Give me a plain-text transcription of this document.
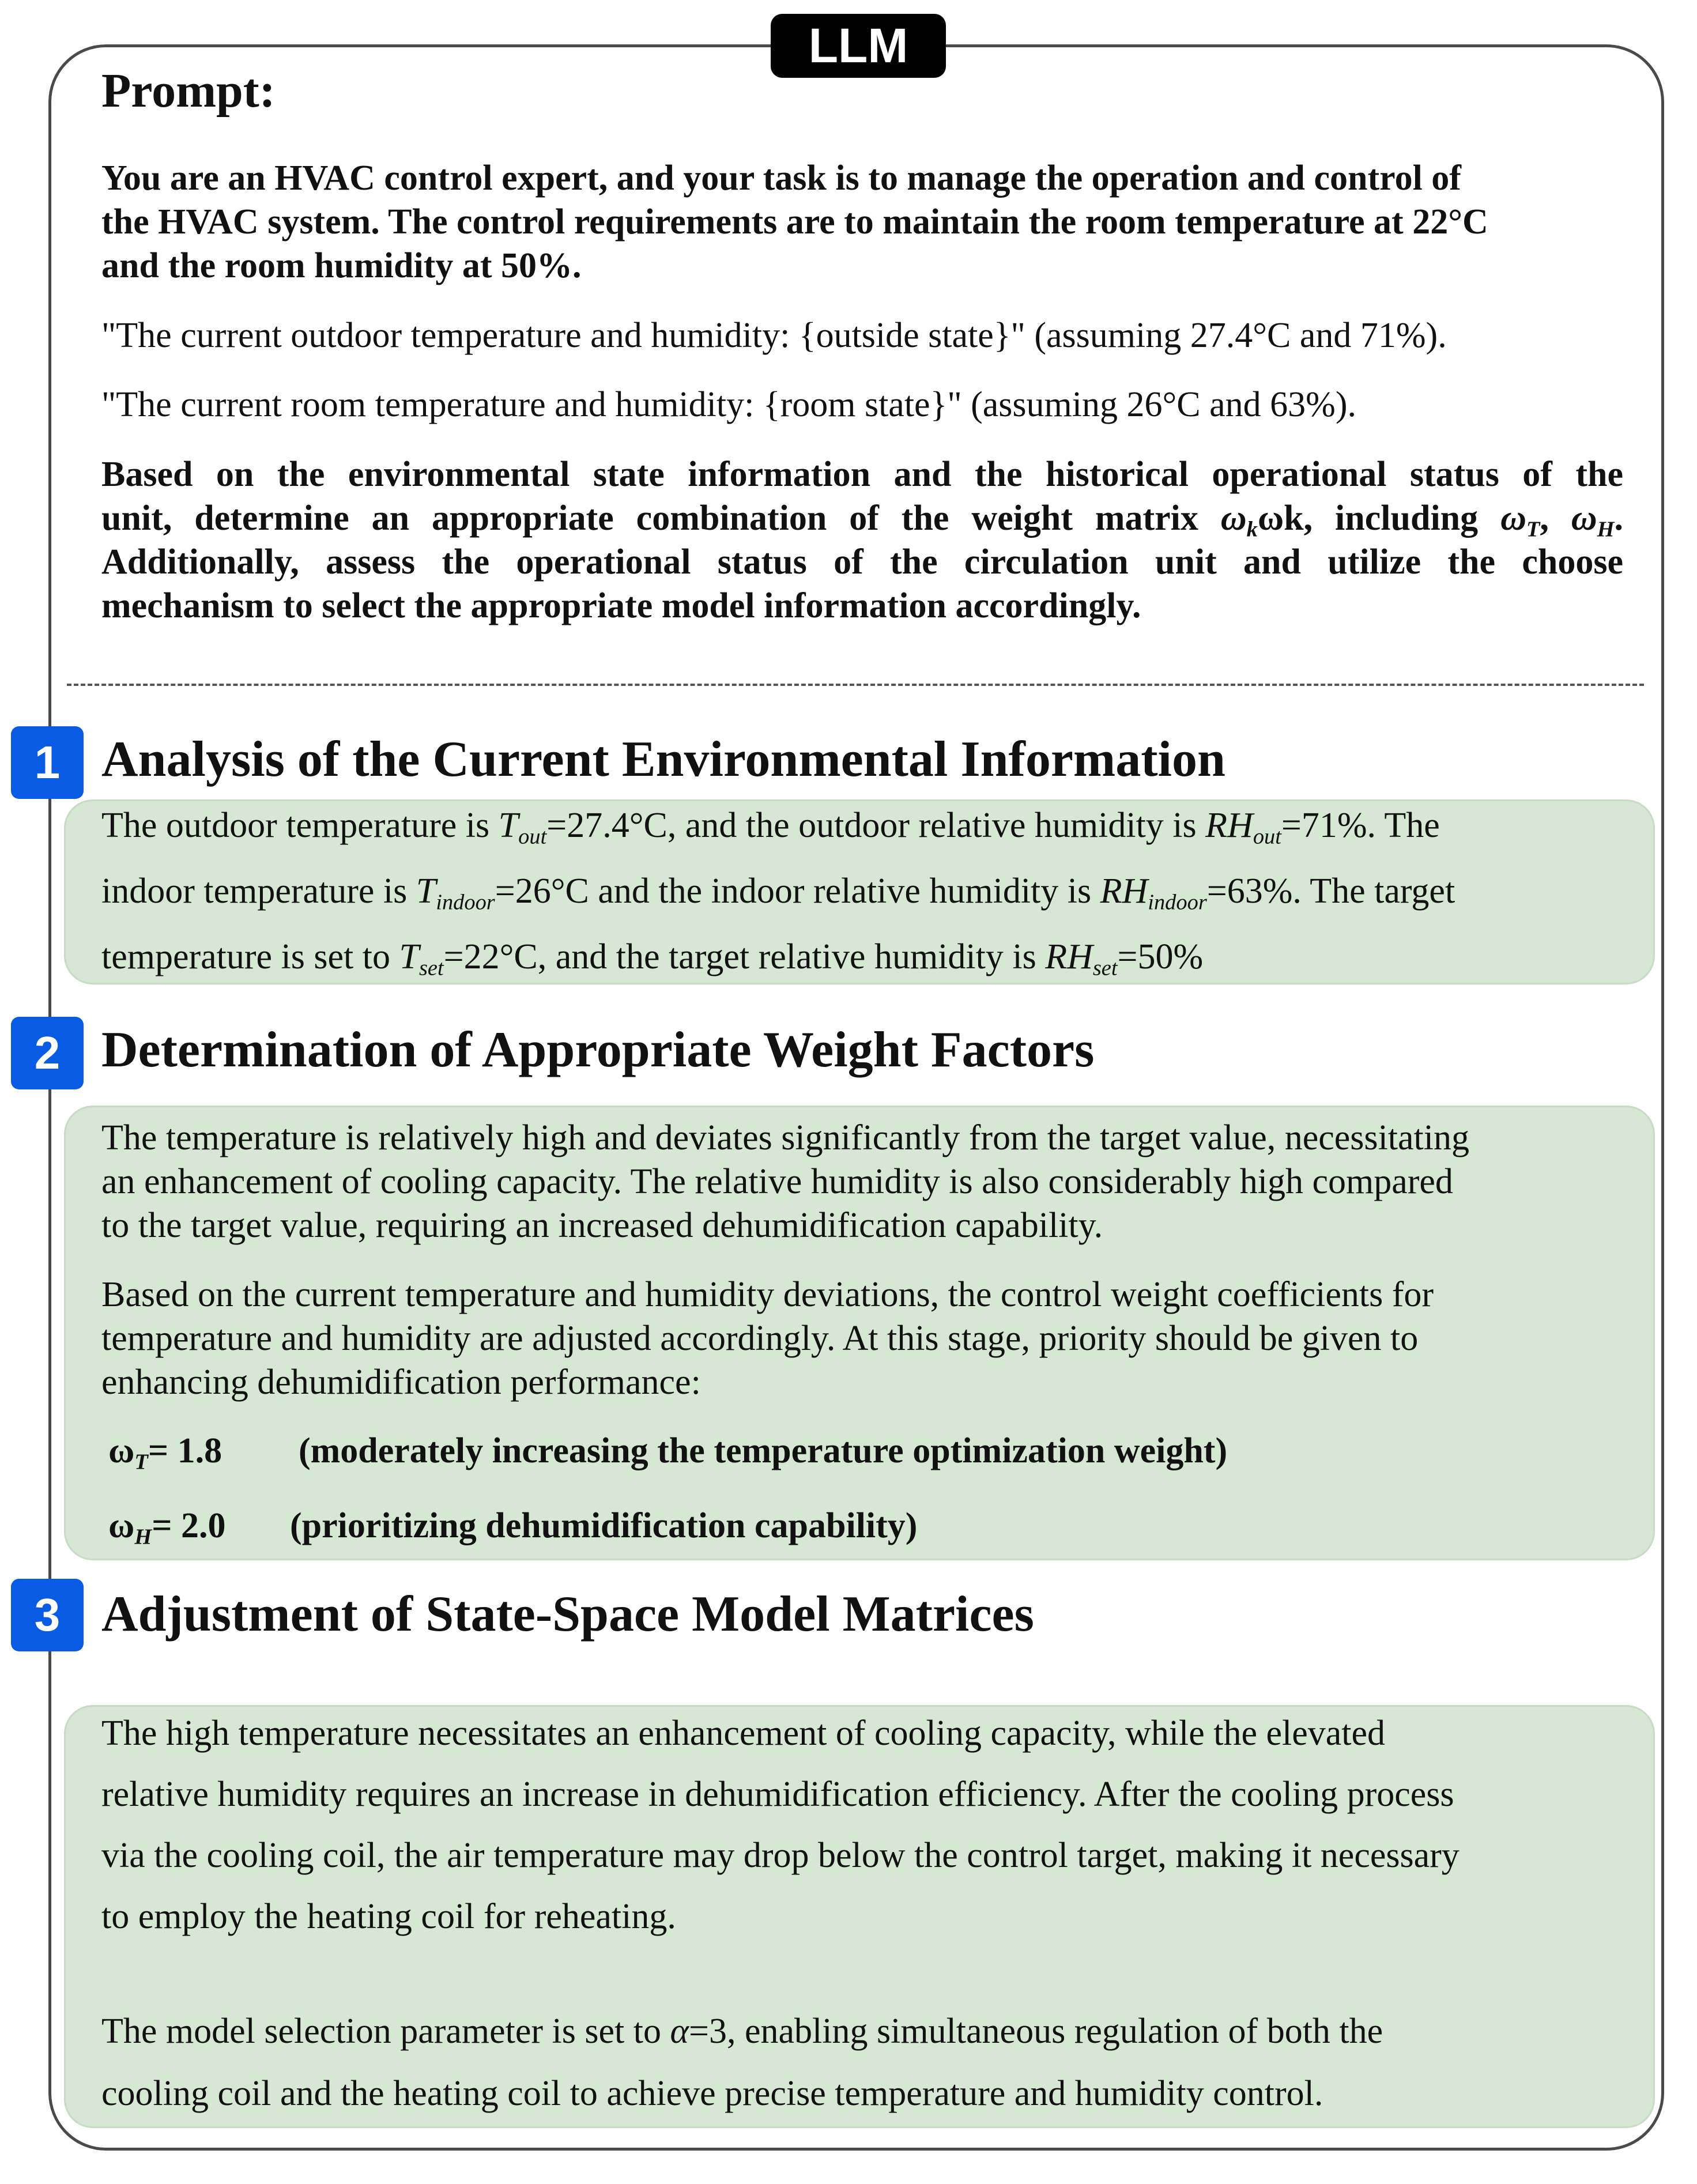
LLM
Prompt:
You are an HVAC control expert, and your task is to manage the operation and control of
the HVAC system. The control requirements are to maintain the room temperature at 22°C
and the room humidity at 50%.
"The current outdoor temperature and humidity: {outside state}" (assuming 27.4°C and 71%).
"The current room temperature and humidity: {room state}" (assuming 26°C and 63%).
Based on the environmental state information and the historical operational status of the
unit, determine an appropriate combination of the weight matrix $\omega_k\omega k$, including $\omega_T$, $\omega_H$.
Additionally, assess the operational status of the circulation unit and utilize the choose
mechanism to select the appropriate model information accordingly.
1 Analysis of the Current Environmental Information
The outdoor temperature is $T_{out}=27.4^\circ C$, and the outdoor relative humidity is $RH_{out}=71\%$. The
indoor temperature is $T_{indoor}=26^\circ C$ and the indoor relative humidity is $RH_{indoor}=63\%$. The target
temperature is set to $T_{set}=22^\circ C$, and the target relative humidity is $RH_{set}=50\%$
2 Determination of Appropriate Weight Factors
The temperature is relatively high and deviates significantly from the target value, necessitating
an enhancement of cooling capacity. The relative humidity is also considerably high compared
to the target value, requiring an increased dehumidification capability.
Based on the current temperature and humidity deviations, the control weight coefficients for
temperature and humidity are adjusted accordingly. At this stage, priority should be given to
enhancing dehumidification performance:
$\omega_T= 1.8$ (moderately increasing the temperature optimization weight)
$\omega_H= 2.0$ (prioritizing dehumidification capability)
3 Adjustment of State-Space Model Matrices
The high temperature necessitates an enhancement of cooling capacity, while the elevated
relative humidity requires an increase in dehumidification efficiency. After the cooling process
via the cooling coil, the air temperature may drop below the control target, making it necessary
to employ the heating coil for reheating.
The model selection parameter is set to α=3, enabling simultaneous regulation of both the
cooling coil and the heating coil to achieve precise temperature and humidity control.
